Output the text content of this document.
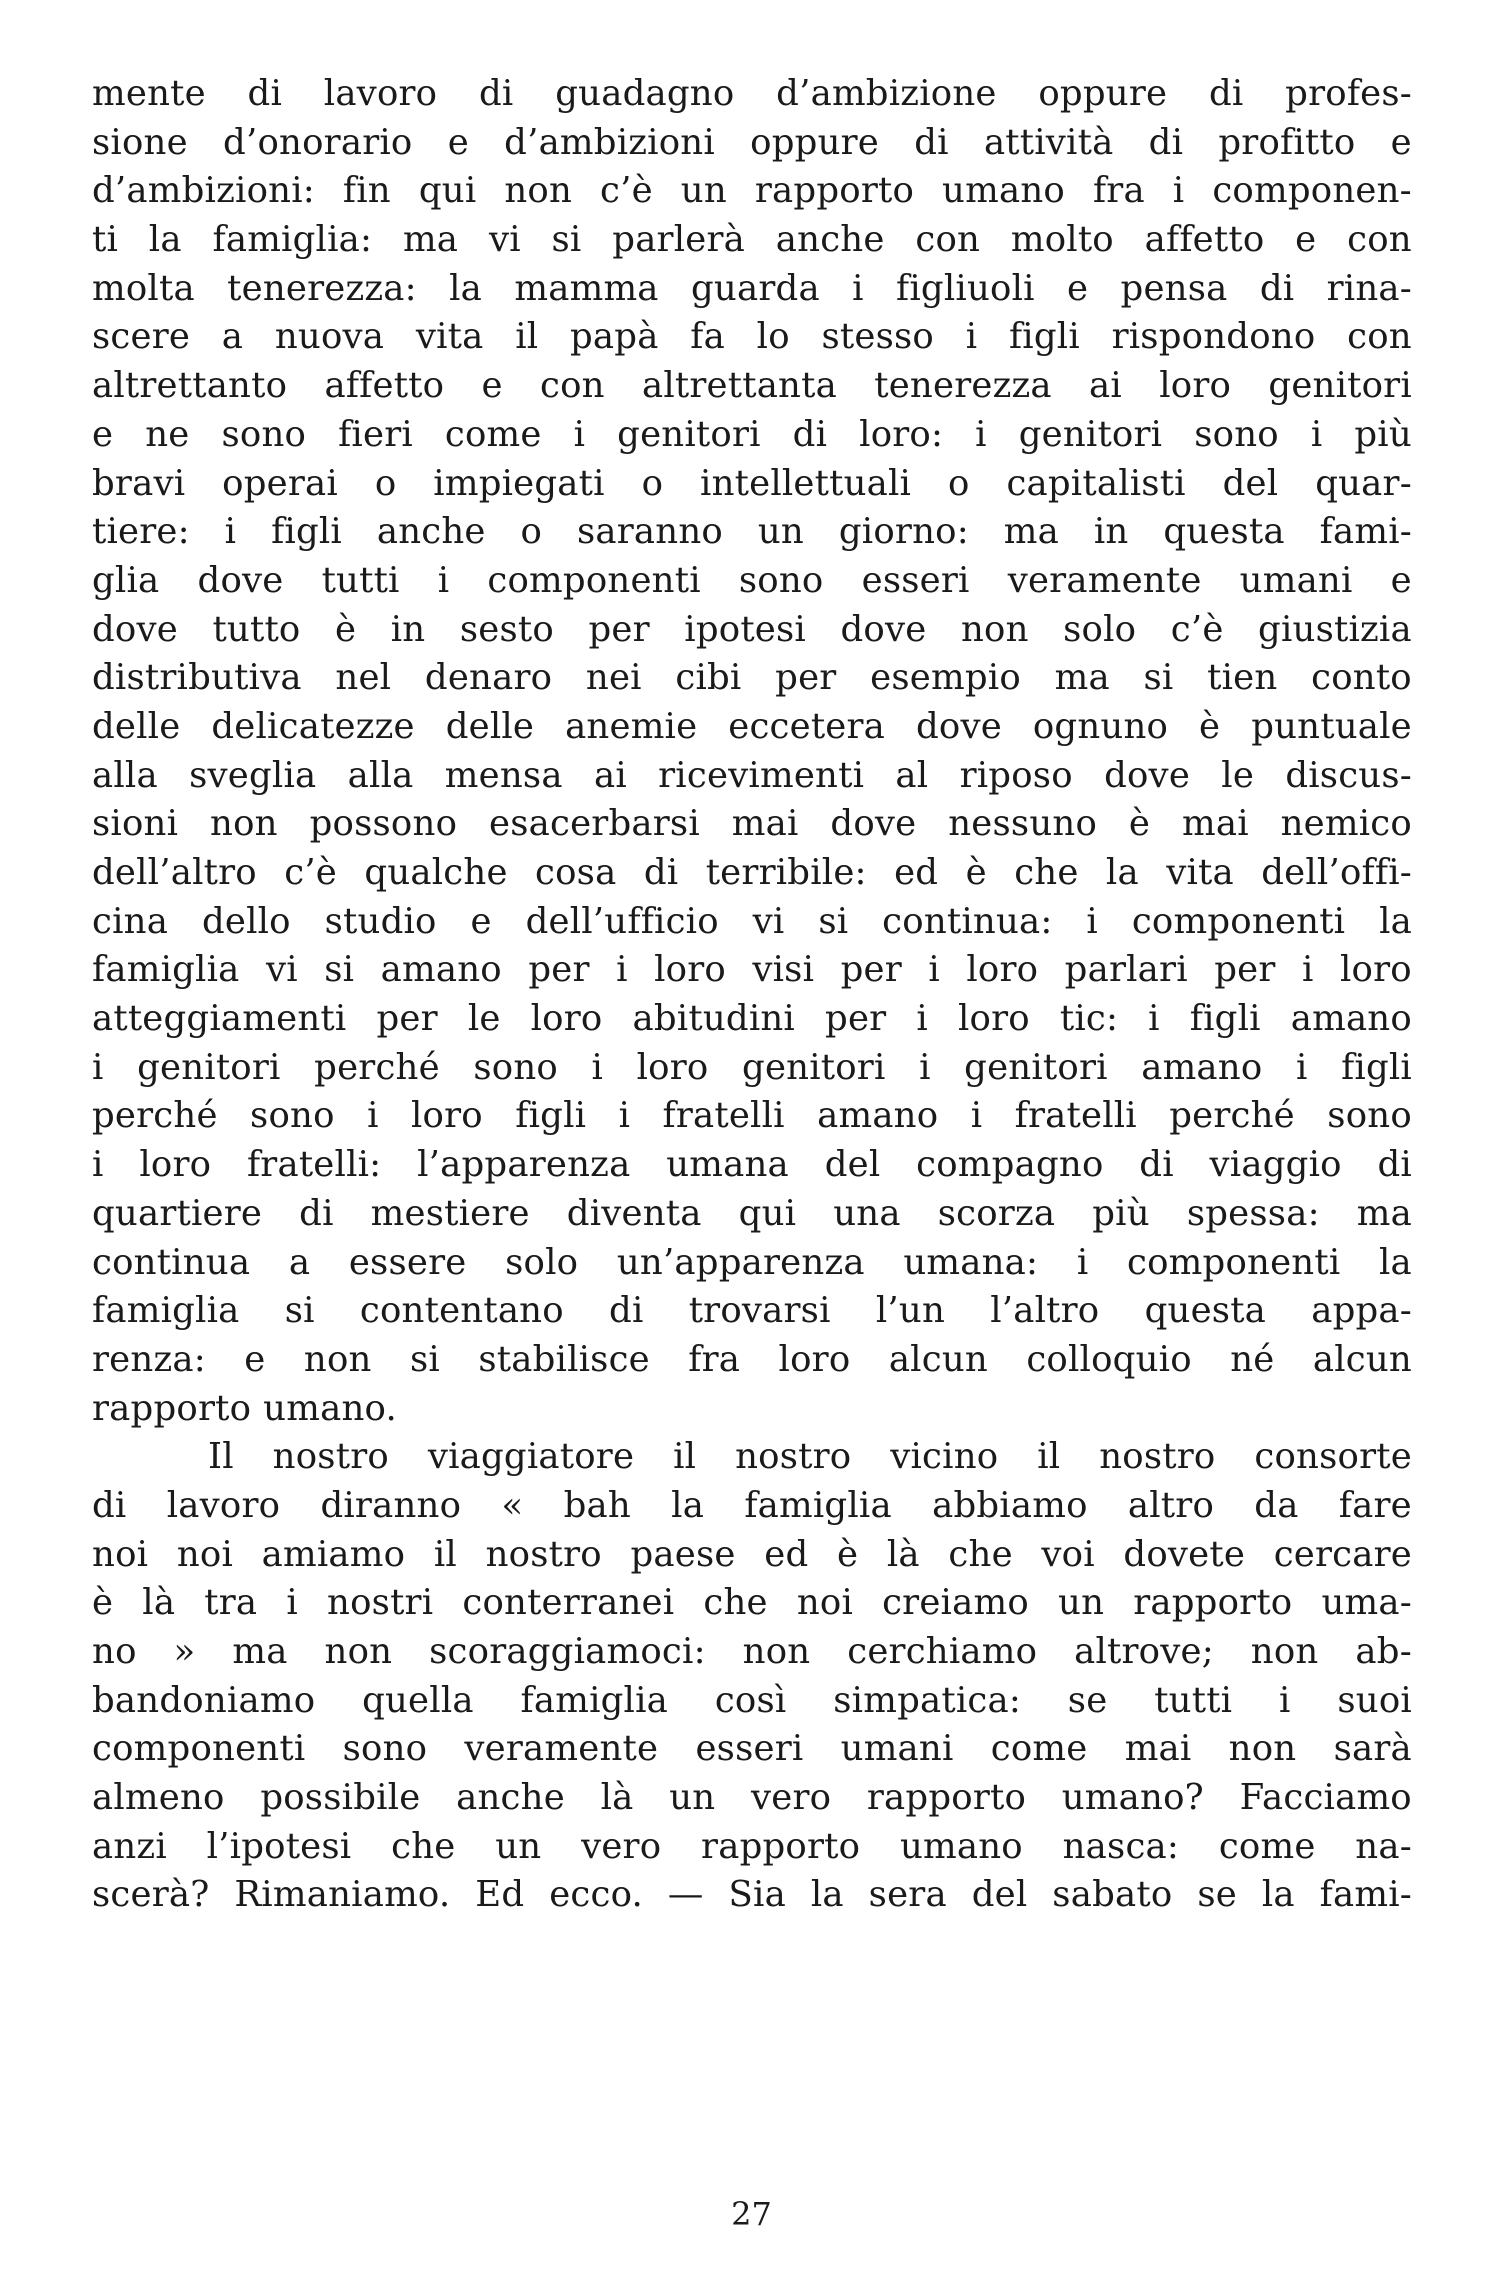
mente di lavoro di guadagno d’ambizione oppure di profes-
sione d’onorario e d’ambizioni oppure di attività di profitto e
d’ambizioni: fin qui non c’è un rapporto umano fra i componen-
ti la famiglia: ma vi si parlerà anche con molto affetto e con
molta tenerezza: la mamma guarda i figliuoli e pensa di rina-
scere a nuova vita il papà fa lo stesso i figli rispondono con
altrettanto affetto e con altrettanta tenerezza ai loro genitori
e ne sono fieri come i genitori di loro: i genitori sono i più
bravi operai o impiegati o intellettuali o capitalisti del quar-
tiere: i figli anche o saranno un giorno: ma in questa fami-
glia dove tutti i componenti sono esseri veramente umani e
dove tutto è in sesto per ipotesi dove non solo c’è giustizia
distributiva nel denaro nei cibi per esempio ma si tien conto
delle delicatezze delle anemie eccetera dove ognuno è puntuale
alla sveglia alla mensa ai ricevimenti al riposo dove le discus-
sioni non possono esacerbarsi mai dove nessuno è mai nemico
dell’altro c’è qualche cosa di terribile: ed è che la vita dell’offi-
cina dello studio e dell’ufficio vi si continua: i componenti la
famiglia vi si amano per i loro visi per i loro parlari per i loro
atteggiamenti per le loro abitudini per i loro tic: i figli amano
i genitori perché sono i loro genitori i genitori amano i figli
perché sono i loro figli i fratelli amano i fratelli perché sono
i loro fratelli: l’apparenza umana del compagno di viaggio di
quartiere di mestiere diventa qui una scorza più spessa: ma
continua a essere solo un’apparenza umana: i componenti la
famiglia si contentano di trovarsi l’un l’altro questa appa-
renza: e non si stabilisce fra loro alcun colloquio né alcun
rapporto umano.
Il nostro viaggiatore il nostro vicino il nostro consorte
di lavoro diranno « bah la famiglia abbiamo altro da fare
noi noi amiamo il nostro paese ed è là che voi dovete cercare
è là tra i nostri conterranei che noi creiamo un rapporto uma-
no » ma non scoraggiamoci: non cerchiamo altrove; non ab-
bandoniamo quella famiglia così simpatica: se tutti i suoi
componenti sono veramente esseri umani come mai non sarà
almeno possibile anche là un vero rapporto umano? Facciamo
anzi l’ipotesi che un vero rapporto umano nasca: come na-
scerà? Rimaniamo. Ed ecco. — Sia la sera del sabato se la fami-
27
